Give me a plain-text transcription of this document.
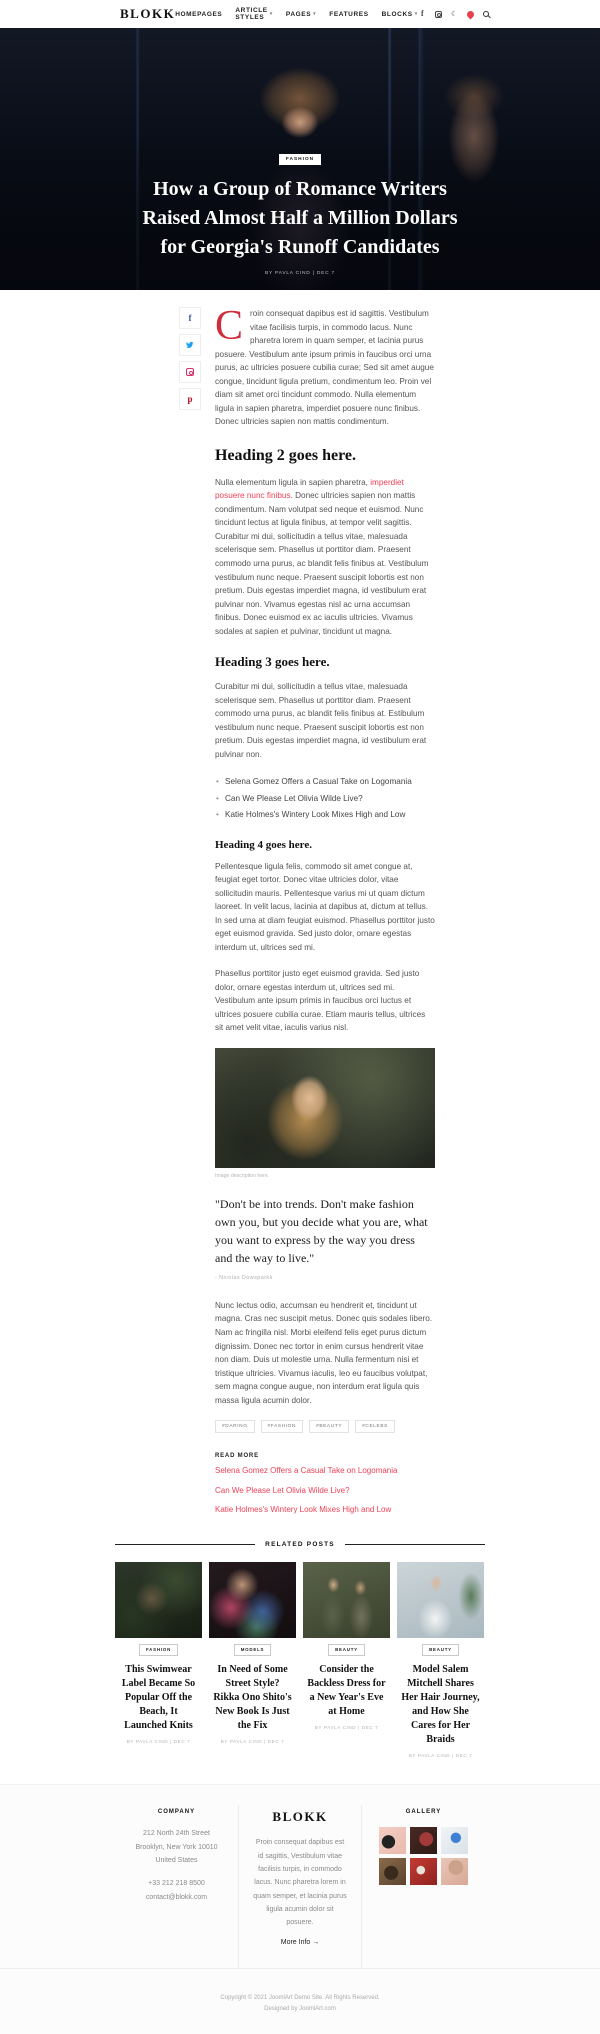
BLOKK HOMEPAGES ARTICLE STYLES	▾ PAGES ▾ FEATURES BLOCKS ▾ f	☾
FASHION
How a Group of Romance Writers Raised Almost Half a Million Dollars for Georgia's Runoff Candidates
BY PAVLA CIND | DEC 7
f
p

Croin consequat dapibus est id sagittis. Vestibulum vitae facilisis turpis, in commodo lacus. Nunc pharetra lorem in quam semper, et lacinia purus posuere. Vestibulum ante ipsum primis in faucibus orci urna purus, ac ultricies posuere cubilia curae; Sed sit amet augue congue, tincidunt ligula pretium, condimentum leo. Proin vel diam sit amet orci tincidunt commodo. Nulla elementum ligula in sapien pharetra, imperdiet posuere nunc finibus. Donec ultricies sapien non mattis condimentum.

Heading 2 goes here.

Nulla elementum ligula in sapien pharetra, imperdiet posuere nunc finibus. Donec ultricies sapien non mattis condimentum. Nam volutpat sed neque et euismod. Nunc tincidunt lectus at ligula finibus, at tempor velit sagittis. Curabitur mi dui, sollicitudin a tellus vitae, malesuada scelerisque sem. Phasellus ut porttitor diam. Praesent commodo urna purus, ac blandit felis finibus at. Vestibulum vestibulum nunc neque. Praesent suscipit lobortis est non pretium. Duis egestas imperdiet magna, id vestibulum erat pulvinar non. Vivamus egestas nisl ac urna accumsan finibus. Donec euismod ex ac iaculis ultricies. Vivamus sodales at sapien et pulvinar, tincidunt ut magna.

Heading 3 goes here.

Curabitur mi dui, sollicitudin a tellus vitae, malesuada scelerisque sem. Phasellus ut porttitor diam. Praesent commodo urna purus, ac blandit felis finibus at. Estibulum vestibulum nunc neque. Praesent suscipit lobortis est non pretium. Duis egestas imperdiet magna, id vestibulum erat pulvinar non.

• Selena Gomez Offers a Casual Take on Logomania
• Can We Please Let Olivia Wilde Live?
• Katie Holmes's Wintery Look Mixes High and Low
Heading 4 goes here.

Pellentesque ligula felis, commodo sit amet congue at, feugiat eget tortor. Donec vitae ultricies dolor, vitae sollicitudin mauris. Pellentesque varius mi ut quam dictum laoreet. In velit lacus, lacinia at dapibus at, dictum at tellus. In sed urna at diam feugiat euismod. Phasellus porttitor justo eget euismod gravida. Sed justo dolor, ornare egestas interdum ut, ultrices sed mi.

Phasellus porttitor justo eget euismod gravida. Sed justo dolor, ornare egestas interdum ut, ultrices sed mi. Vestibulum ante ipsum primis in faucibus orci luctus et ultrices posuere cubilia curae. Etiam mauris tellus, ultrices sit amet velit vitae, iaculis varius nisl.

Image description here.
"Don't be into trends. Don't make fashion own you, but you decide what you are, what you want to express by the way you dress and the way to live."
- Nicolas Dowsparkk

Nunc lectus odio, accumsan eu hendrerit et, tincidunt ut magna. Cras nec suscipit metus. Donec quis sodales libero. Nam ac fringilla nisl. Morbi eleifend felis eget purus dictum dignissim. Donec nec tortor in enim cursus hendrerit vitae non diam. Duis ut molestie urna. Nulla fermentum nisi et tristique ultricies. Vivamus iaculis, leo eu faucibus volutpat, sem magna congue augue, non interdum erat ligula quis massa ligula acumin dolor.

#DARING	#FASHION	#BEAUTY	#CELEBS
READ MORE
Selena Gomez Offers a Casual Take on Logomania
Can We Please Let Olivia Wilde Live?
Katie Holmes's Wintery Look Mixes High and Low
RELATED POSTS
FASHION
This Swimwear Label Became So Popular Off the Beach, It Launched Knits
BY PAVLA CIND | DEC 7
MODELS
In Need of Some Street Style? Rikka Ono Shito's New Book Is Just the Fix
BY PAVLA CIND | DEC 7
BEAUTY
Consider the Backless Dress for a New Year's Eve at Home
BY PAVLA CIND | DEC 7
BEAUTY
Model Salem Mitchell Shares Her Hair Journey, and How She Cares for Her Braids
BY PAVLA CIND | DEC 7
COMPANY
212 North 24th Street
Brooklyn, New York 10010
United States
+33 212 218 8500
contact@blokk.com
BLOKK
Proin consequat dapibus est id sagittis, Vestibulum vitae facilisis turpis, in commodo lacus. Nunc pharetra lorem in quam semper, et lacinia purus ligula acumin dolor sit posuere.
More Info →
GALLERY
Copyright © 2021 JoomlArt Demo Site. All Rights Reserved.
Designed by JoomlArt.com
